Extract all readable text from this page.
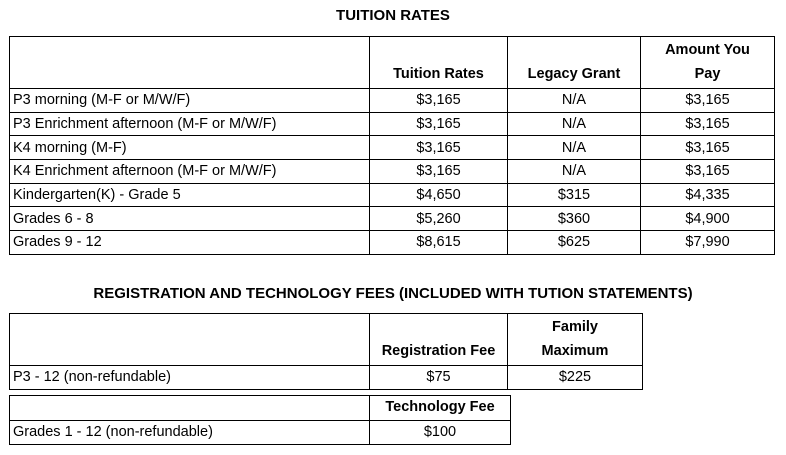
TUITION RATES
	Tuition Rates	Legacy Grant	Amount You
Pay

P3 morning (M-F or M/W/F)	$3,165	N/A	$3,165
P3 Enrichment afternoon (M-F or M/W/F)	$3,165	N/A	$3,165
K4 morning (M-F)	$3,165	N/A	$3,165
K4 Enrichment afternoon (M-F or M/W/F)	$3,165	N/A	$3,165
Kindergarten(K) - Grade 5	$4,650	$315	$4,335
Grades 6 - 8	$5,260	$360	$4,900
Grades 9 - 12	$8,615	$625	$7,990
REGISTRATION AND TECHNOLOGY FEES (INCLUDED WITH TUTION STATEMENTS)
	Registration Fee	Family
Maximum

P3 - 12 (non-refundable)	$75	$225
	Technology Fee
Grades 1 - 12 (non-refundable)	$100
